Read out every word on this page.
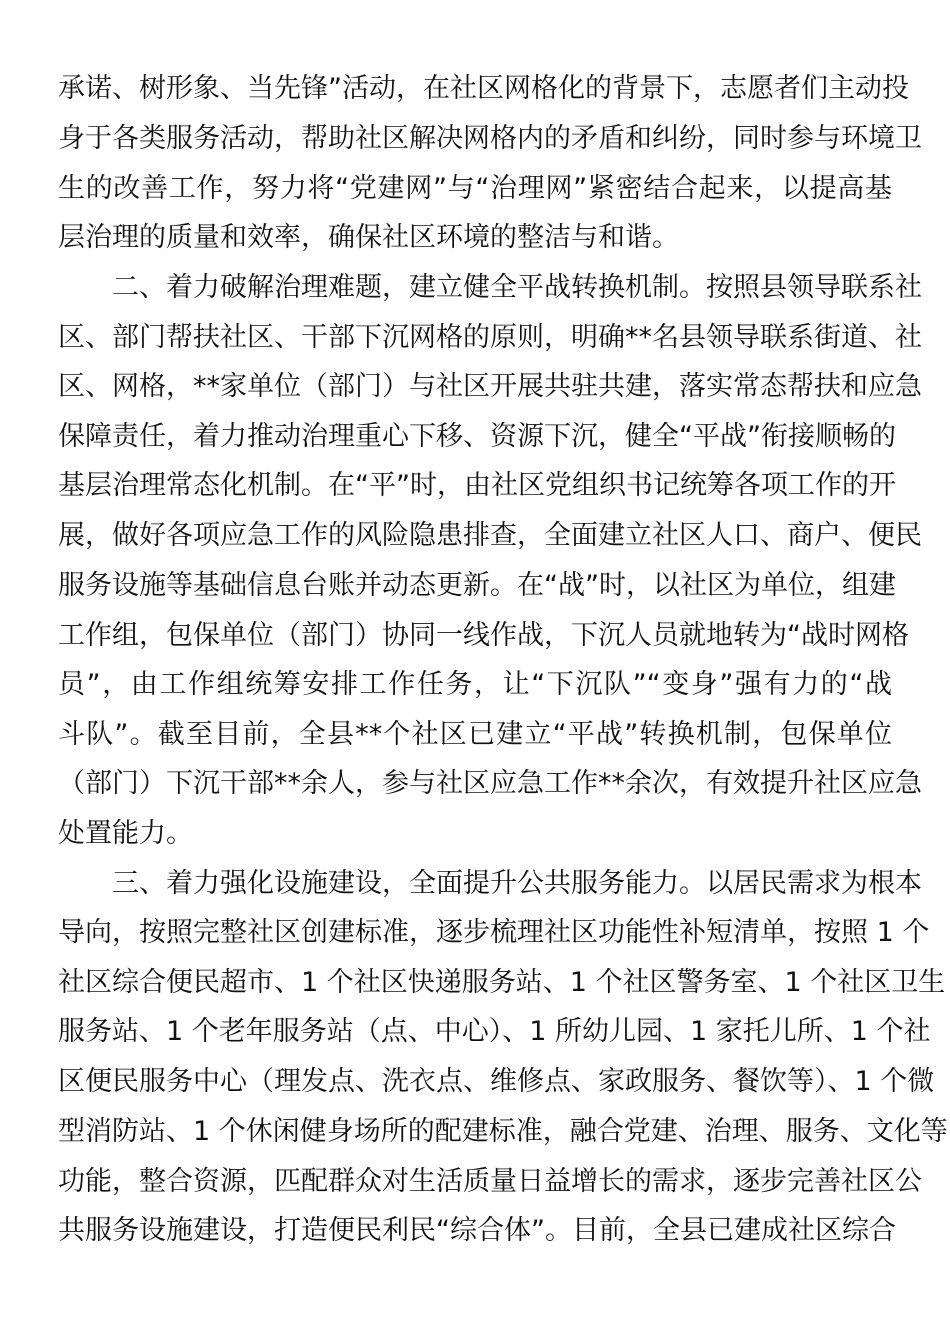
承诺、树形象、当先锋”活动，在社区网格化的背景下，志愿者们主动投
身于各类服务活动，帮助社区解决网格内的矛盾和纠纷，同时参与环境卫
生的改善工作，努力将“党建网”与“治理网”紧密结合起来，以提高基
层治理的质量和效率，确保社区环境的整洁与和谐。
二、着力破解治理难题，建立健全平战转换机制。按照县领导联系社
区、部门帮扶社区、干部下沉网格的原则，明确**名县领导联系街道、社
区、网格，**家单位（部门）与社区开展共驻共建，落实常态帮扶和应急
保障责任，着力推动治理重心下移、资源下沉，健全“平战”衔接顺畅的
基层治理常态化机制。在“平”时，由社区党组织书记统筹各项工作的开
展，做好各项应急工作的风险隐患排查，全面建立社区人口、商户、便民
服务设施等基础信息台账并动态更新。在“战”时，以社区为单位，组建
工作组，包保单位（部门）协同一线作战，下沉人员就地转为“战时网格
员”，由工作组统筹安排工作任务，让“下沉队”“变身”强有力的“战
斗队”。截至目前，全县**个社区已建立“平战”转换机制，包保单位
（部门）下沉干部**余人，参与社区应急工作**余次，有效提升社区应急
处置能力。
三、着力强化设施建设，全面提升公共服务能力。以居民需求为根本
导向，按照完整社区创建标准，逐步梳理社区功能性补短清单，按照 1 个
社区综合便民超市、1 个社区快递服务站、1 个社区警务室、1 个社区卫生
服务站、1 个老年服务站（点、中心）、1 所幼儿园、1 家托儿所、1 个社
区便民服务中心（理发点、洗衣点、维修点、家政服务、餐饮等）、1 个微
型消防站、1 个休闲健身场所的配建标准，融合党建、治理、服务、文化等
功能，整合资源，匹配群众对生活质量日益增长的需求，逐步完善社区公
共服务设施建设，打造便民利民“综合体”。目前，全县已建成社区综合
